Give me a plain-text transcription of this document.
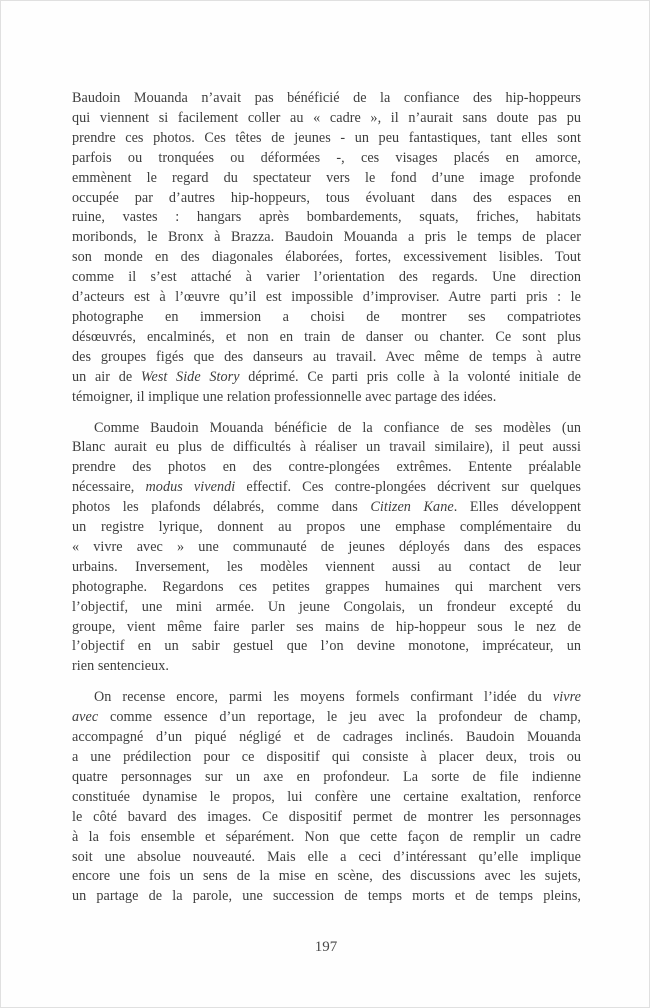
Baudoin Mouanda n’avait pas bénéficié de la confiance des hip-hoppeurs
qui viennent si facilement coller au « cadre », il n’aurait sans doute pas pu
prendre ces photos. Ces têtes de jeunes - un peu fantastiques, tant elles sont
parfois ou tronquées ou déformées -, ces visages placés en amorce,
emmènent le regard du spectateur vers le fond d’une image profonde
occupée par d’autres hip-hoppeurs, tous évoluant dans des espaces en
ruine, vastes : hangars après bombardements, squats, friches, habitats
moribonds, le Bronx à Brazza. Baudoin Mouanda a pris le temps de placer
son monde en des diagonales élaborées, fortes, excessivement lisibles. Tout
comme il s’est attaché à varier l’orientation des regards. Une direction
d’acteurs est à l’œuvre qu’il est impossible d’improviser. Autre parti pris : le
photographe en immersion a choisi de montrer ses compatriotes
désœuvrés, encalminés, et non en train de danser ou chanter. Ce sont plus
des groupes figés que des danseurs au travail. Avec même de temps à autre
un air de West Side Story déprimé. Ce parti pris colle à la volonté initiale de
témoigner, il implique une relation professionnelle avec partage des idées.
Comme Baudoin Mouanda bénéficie de la confiance de ses modèles (un
Blanc aurait eu plus de difficultés à réaliser un travail similaire), il peut aussi
prendre des photos en des contre-plongées extrêmes. Entente préalable
nécessaire, modus vivendi effectif. Ces contre-plongées décrivent sur quelques
photos les plafonds délabrés, comme dans Citizen Kane. Elles développent
un registre lyrique, donnent au propos une emphase complémentaire du
« vivre avec » une communauté de jeunes déployés dans des espaces
urbains. Inversement, les modèles viennent aussi au contact de leur
photographe. Regardons ces petites grappes humaines qui marchent vers
l’objectif, une mini armée. Un jeune Congolais, un frondeur excepté du
groupe, vient même faire parler ses mains de hip-hoppeur sous le nez de
l’objectif en un sabir gestuel que l’on devine monotone, imprécateur, un
rien sentencieux.
On recense encore, parmi les moyens formels confirmant l’idée du vivre
avec comme essence d’un reportage, le jeu avec la profondeur de champ,
accompagné d’un piqué négligé et de cadrages inclinés. Baudoin Mouanda
a une prédilection pour ce dispositif qui consiste à placer deux, trois ou
quatre personnages sur un axe en profondeur. La sorte de file indienne
constituée dynamise le propos, lui confère une certaine exaltation, renforce
le côté bavard des images. Ce dispositif permet de montrer les personnages
à la fois ensemble et séparément. Non que cette façon de remplir un cadre
soit une absolue nouveauté. Mais elle a ceci d’intéressant qu’elle implique
encore une fois un sens de la mise en scène, des discussions avec les sujets,
un partage de la parole, une succession de temps morts et de temps pleins,
197
